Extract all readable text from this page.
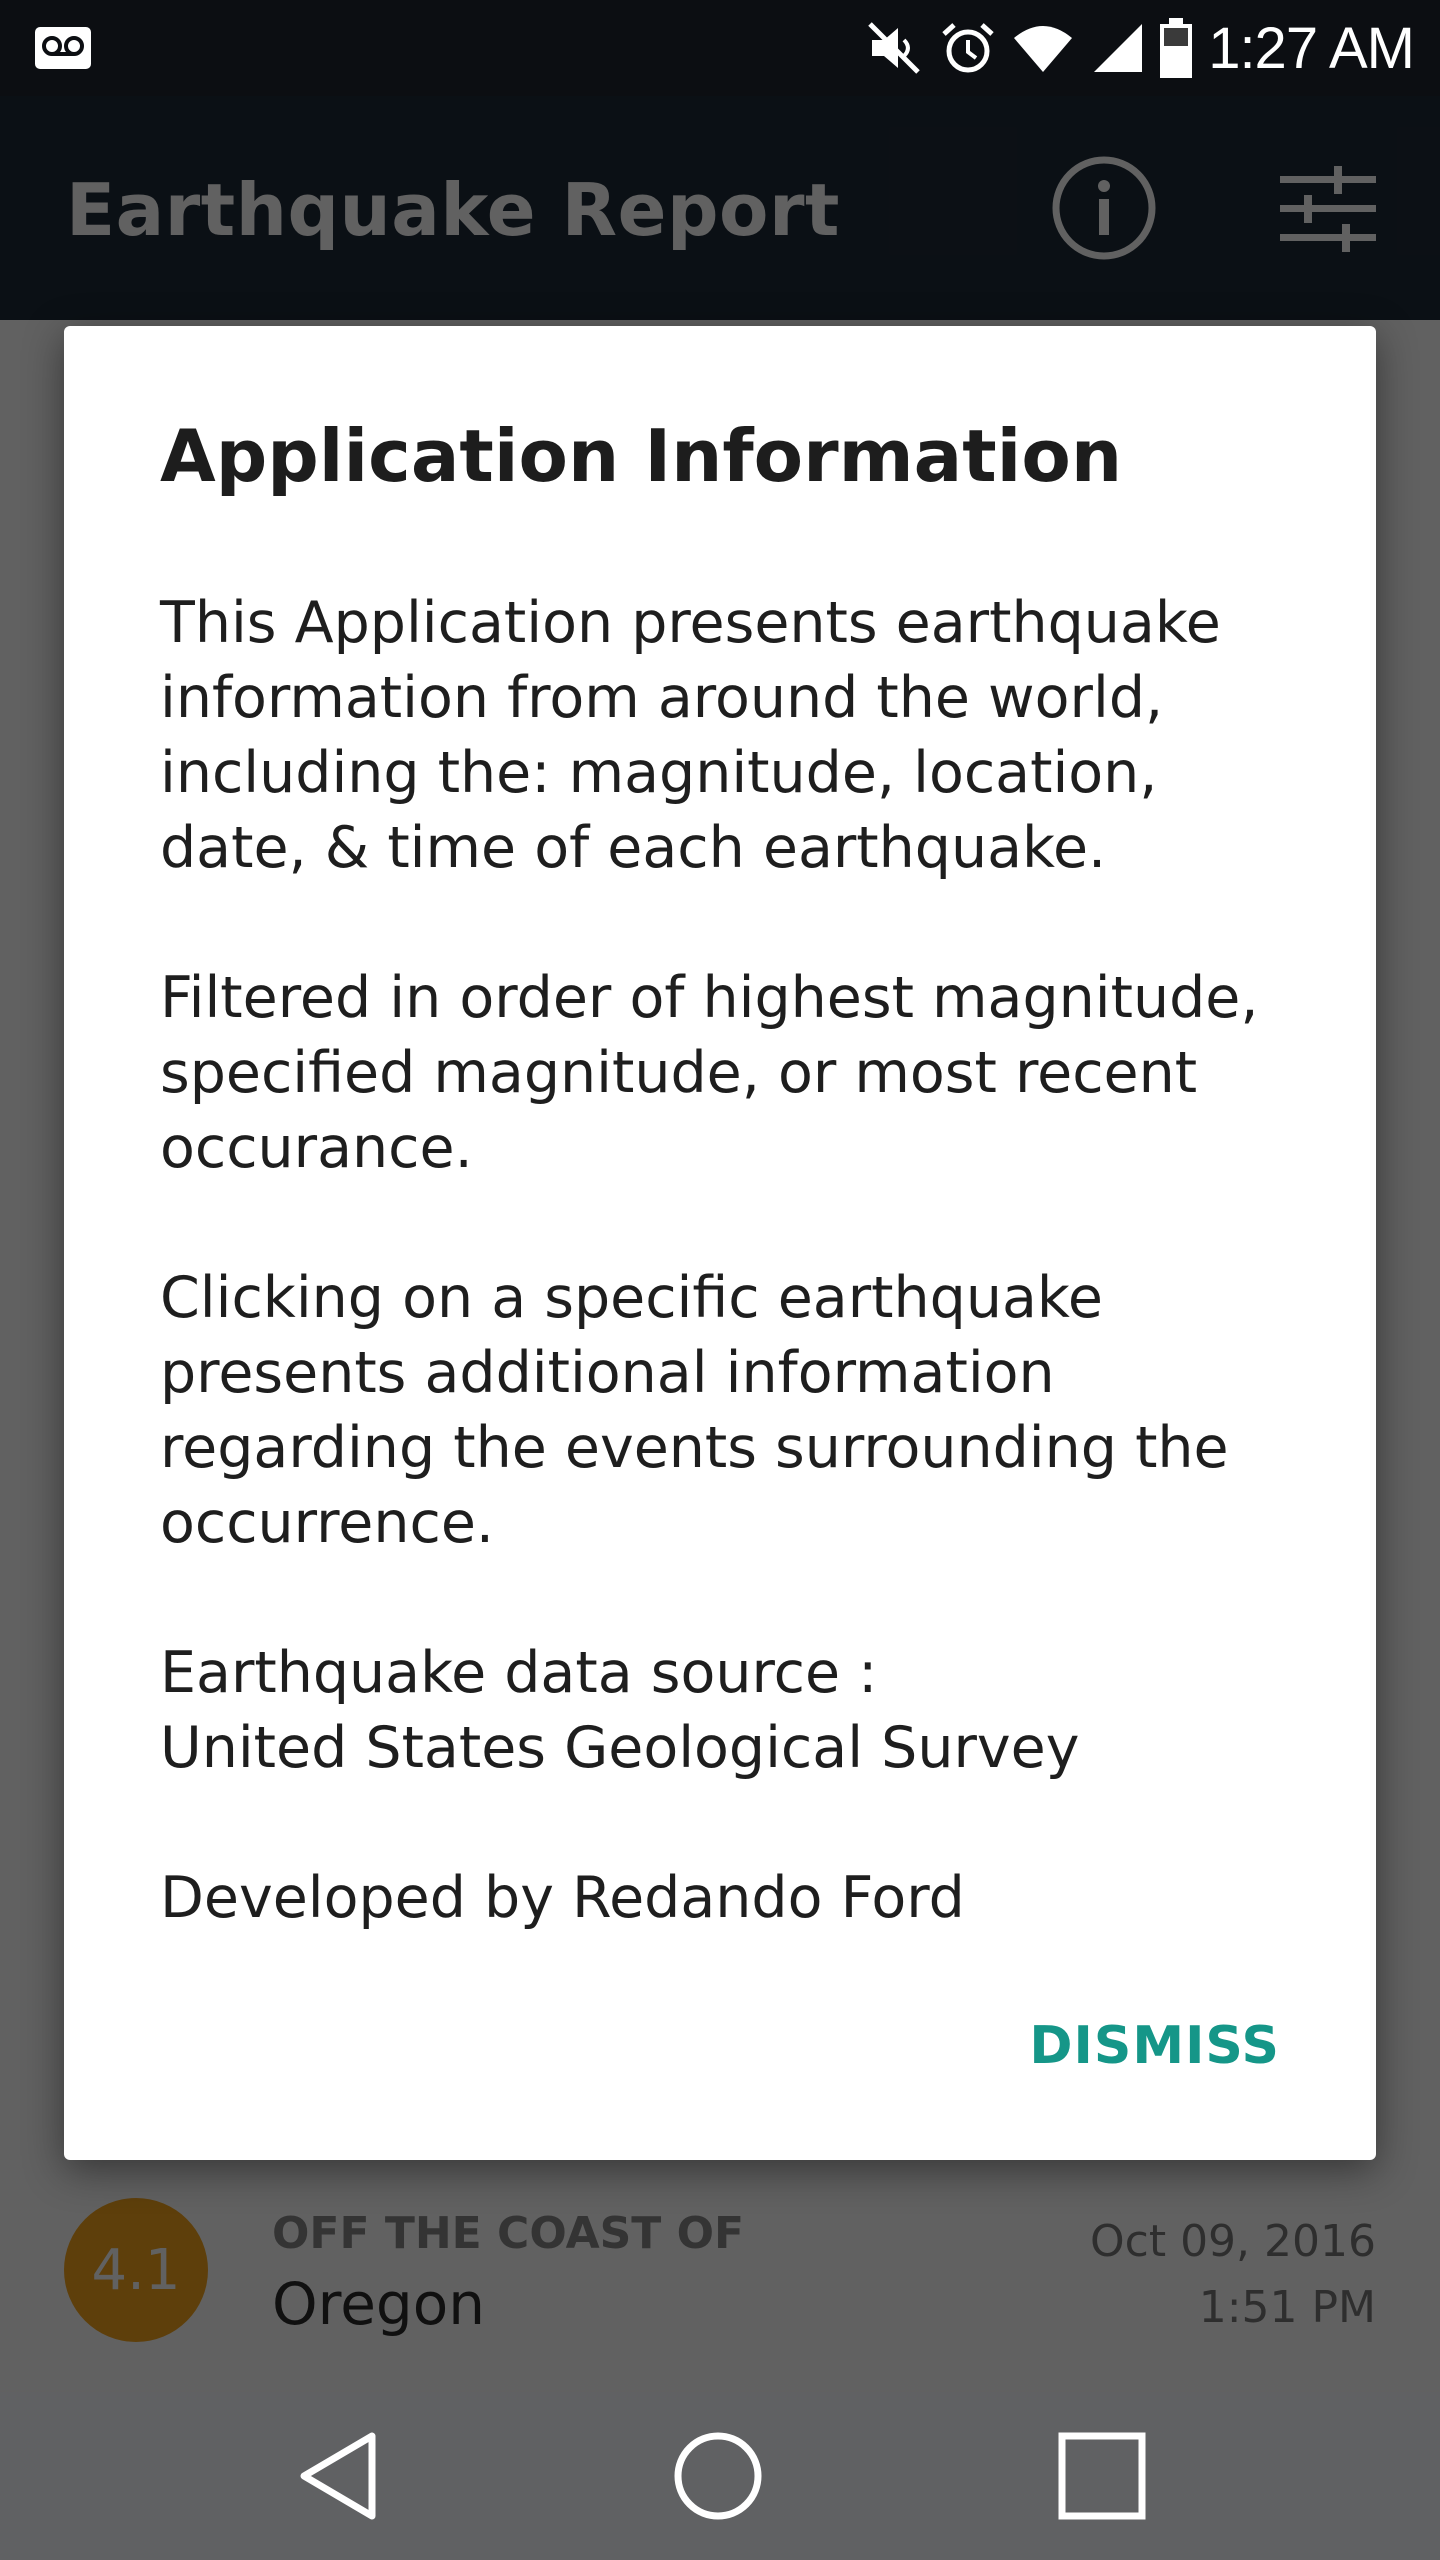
1:27 AM
Application Information

This Application presents earthquake
information from around the world,
including the: magnitude, location,
date, & time of each earthquake.

Filtered in order of highest magnitude,
specified magnitude, or most recent
occurance.

Clicking on a specific earthquake
presents additional information
regarding the events surrounding the
occurrence.

Earthquake data source :
United States Geological Survey

Developed by Redando Ford

DISMISS
